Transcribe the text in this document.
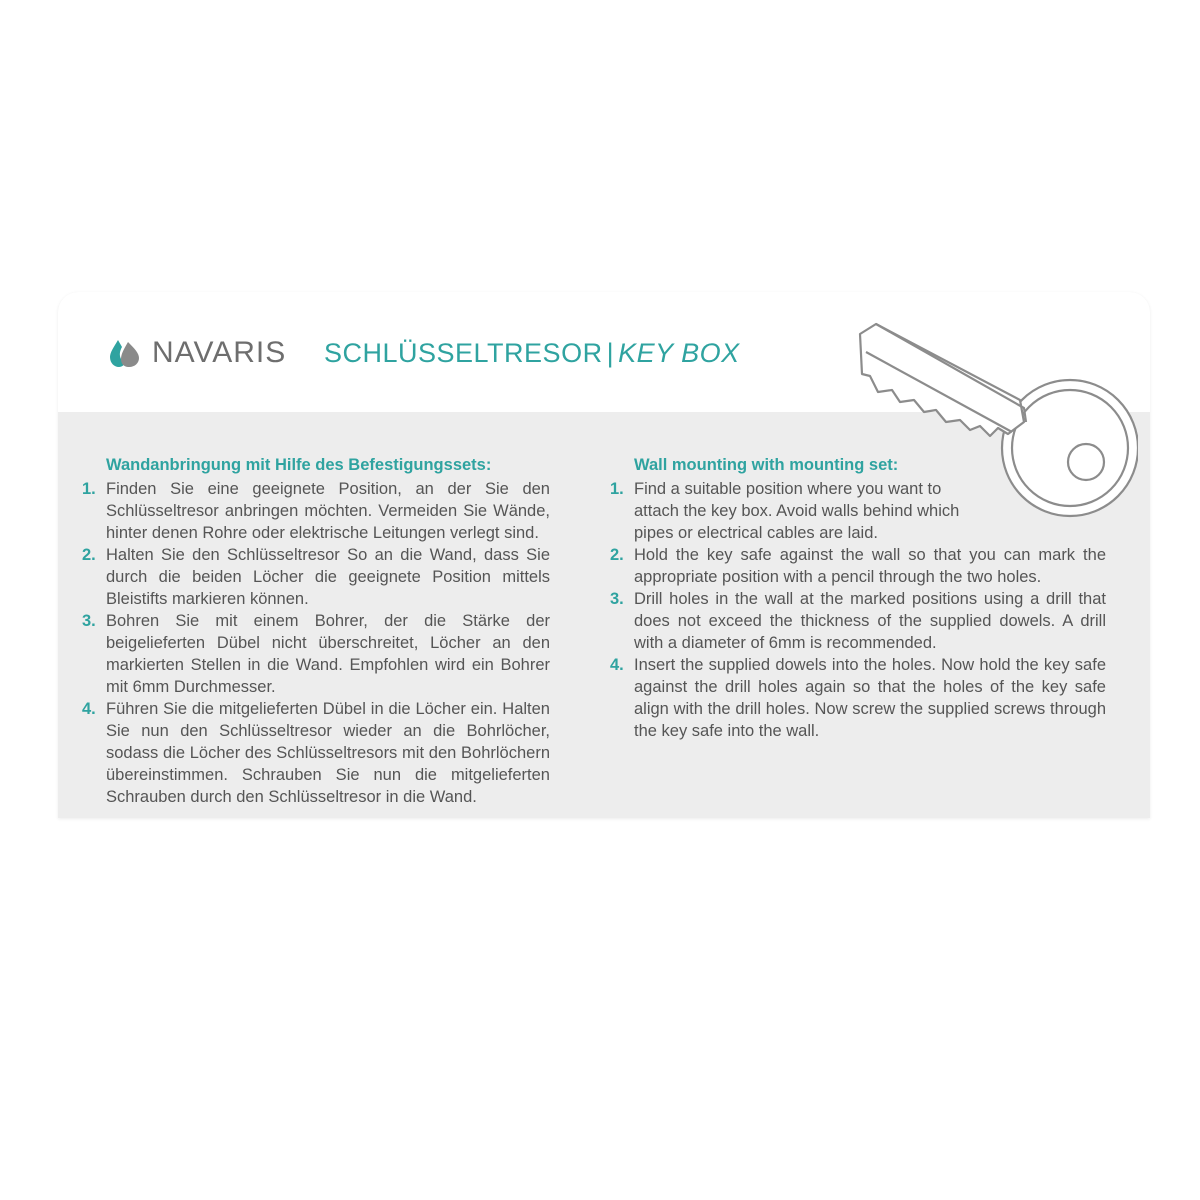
NAVARIS SCHLÜSSELTRESOR | KEY BOX
Wandanbringung mit Hilfe des Befestigungssets:
1. Finden Sie eine geeignete Position, an der Sie den Schlüsseltresor anbringen möchten. Vermeiden Sie Wände, hinter denen Rohre oder elektrische Leitungen verlegt sind.
2. Halten Sie den Schlüsseltresor So an die Wand, dass Sie durch die beiden Löcher die geeignete Position mittels Bleistifts markieren können.
3. Bohren Sie mit einem Bohrer, der die Stärke der beigelieferten Dübel nicht überschreitet, Löcher an den markierten Stellen in die Wand. Empfohlen wird ein Bohrer mit 6mm Durchmesser.
4. Führen Sie die mitgelieferten Dübel in die Löcher ein. Halten Sie nun den Schlüsseltresor wieder an die Bohrlöcher, sodass die Löcher des Schlüsseltresors mit den Bohrlöchern übereinstimmen. Schrauben Sie nun die mitgelieferten Schrauben durch den Schlüsseltresor in die Wand.
Wall mounting with mounting set:
1. Find a suitable position where you want to attach the key box. Avoid walls behind which pipes or electrical cables are laid.
2. Hold the key safe against the wall so that you can mark the appropriate position with a pencil through the two holes.
3. Drill holes in the wall at the marked positions using a drill that does not exceed the thickness of the supplied dowels. A drill with a diameter of 6mm is recommended.
4. Insert the supplied dowels into the holes. Now hold the key safe against the drill holes again so that the holes of the key safe align with the drill holes. Now screw the supplied screws through the key safe into the wall.
